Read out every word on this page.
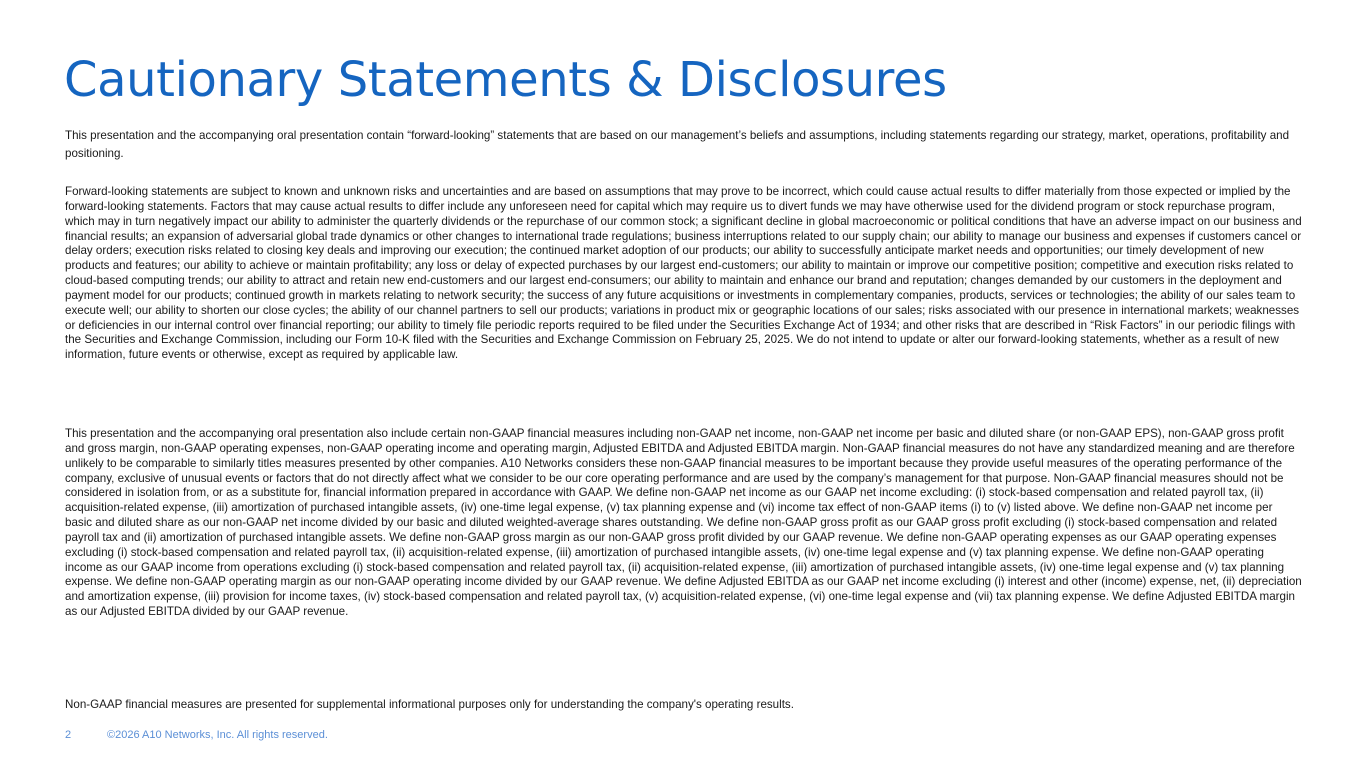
Cautionary Statements & Disclosures

This presentation and the accompanying oral presentation contain “forward-looking” statements that are based on our management’s beliefs and assumptions, including statements regarding our strategy, market, operations, profitability and positioning.

Forward-looking statements are subject to known and unknown risks and uncertainties and are based on assumptions that may prove to be incorrect, which could cause actual results to differ materially from those expected or implied by the forward-looking statements. Factors that may cause actual results to differ include any unforeseen need for capital which may require us to divert funds we may have otherwise used for the dividend program or stock repurchase program, which may in turn negatively impact our ability to administer the quarterly dividends or the repurchase of our common stock; a significant decline in global macroeconomic or political conditions that have an adverse impact on our business and financial results; an expansion of adversarial global trade dynamics or other changes to international trade regulations; business interruptions related to our supply chain; our ability to manage our business and expenses if customers cancel or delay orders; execution risks related to closing key deals and improving our execution; the continued market adoption of our products; our ability to successfully anticipate market needs and opportunities; our timely development of new products and features; our ability to achieve or maintain profitability; any loss or delay of expected purchases by our largest end-customers; our ability to maintain or improve our competitive position; competitive and execution risks related to cloud-based computing trends; our ability to attract and retain new end-customers and our largest end-consumers; our ability to maintain and enhance our brand and reputation; changes demanded by our customers in the deployment and payment model for our products; continued growth in markets relating to network security; the success of any future acquisitions or investments in complementary companies, products, services or technologies; the ability of our sales team to execute well; our ability to shorten our close cycles; the ability of our channel partners to sell our products; variations in product mix or geographic locations of our sales; risks associated with our presence in international markets; weaknesses or deficiencies in our internal control over financial reporting; our ability to timely file periodic reports required to be filed under the Securities Exchange Act of 1934; and other risks that are described in “Risk Factors” in our periodic filings with the Securities and Exchange Commission, including our Form 10-K filed with the Securities and Exchange Commission on February 25, 2025. We do not intend to update or alter our forward-looking statements, whether as a result of new information, future events or otherwise, except as required by applicable law.

This presentation and the accompanying oral presentation also include certain non-GAAP financial measures including non-GAAP net income, non-GAAP net income per basic and diluted share (or non-GAAP EPS), non-GAAP gross profit and gross margin, non-GAAP operating expenses, non-GAAP operating income and operating margin, Adjusted EBITDA and Adjusted EBITDA margin. Non-GAAP financial measures do not have any standardized meaning and are therefore unlikely to be comparable to similarly titles measures presented by other companies. A10 Networks considers these non-GAAP financial measures to be important because they provide useful measures of the operating performance of the company, exclusive of unusual events or factors that do not directly affect what we consider to be our core operating performance and are used by the company’s management for that purpose. Non-GAAP financial measures should not be considered in isolation from, or as a substitute for, financial information prepared in accordance with GAAP. We define non-GAAP net income as our GAAP net income excluding: (i) stock-based compensation and related payroll tax, (ii) acquisition-related expense, (iii) amortization of purchased intangible assets, (iv) one-time legal expense, (v) tax planning expense and (vi) income tax effect of non-GAAP items (i) to (v) listed above. We define non-GAAP net income per basic and diluted share as our non-GAAP net income divided by our basic and diluted weighted-average shares outstanding. We define non-GAAP gross profit as our GAAP gross profit excluding (i) stock-based compensation and related payroll tax and (ii) amortization of purchased intangible assets. We define non-GAAP gross margin as our non-GAAP gross profit divided by our GAAP revenue. We define non-GAAP operating expenses as our GAAP operating expenses excluding (i) stock-based compensation and related payroll tax, (ii) acquisition-related expense, (iii) amortization of purchased intangible assets, (iv) one-time legal expense and (v) tax planning expense. We define non-GAAP operating income as our GAAP income from operations excluding (i) stock-based compensation and related payroll tax, (ii) acquisition-related expense, (iii) amortization of purchased intangible assets, (iv) one-time legal expense and (v) tax planning expense. We define non-GAAP operating margin as our non-GAAP operating income divided by our GAAP revenue. We define Adjusted EBITDA as our GAAP net income excluding (i) interest and other (income) expense, net, (ii) depreciation and amortization expense, (iii) provision for income taxes, (iv) stock-based compensation and related payroll tax, (v) acquisition-related expense, (vi) one-time legal expense and (vii) tax planning expense. We define Adjusted EBITDA margin as our Adjusted EBITDA divided by our GAAP revenue.

Non-GAAP financial measures are presented for supplemental informational purposes only for understanding the company's operating results.

2	©2026 A10 Networks, Inc. All rights reserved.
